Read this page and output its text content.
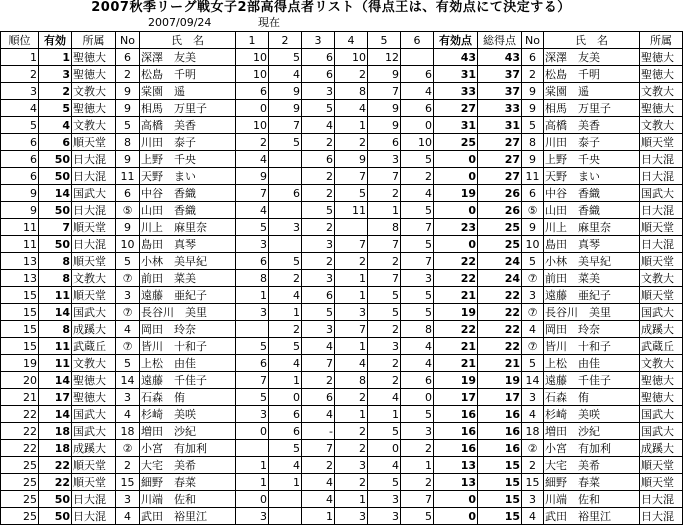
2007秋季リーグ戦女子2部高得点者リスト（得点王は、有効点にて決定する）
2007/09/24	現在
順位	有効	所属	No	氏　名	1	2	3	4	5	6	有効点	総得点	No	氏　名	所属
1	1	聖徳大	6	深澤　友美	10	5	6	10	12		43	43	6	深澤　友美	聖徳大
2	3	聖徳大	2	松島　千明	10	4	6	2	9	6	31	37	2	松島　千明	聖徳大
3	2	文教大	9	棠園　遥	6	9	3	8	7	4	33	37	9	棠園　遥	文教大
4	5	聖徳大	9	相馬　万里子	0	9	5	4	9	6	27	33	9	相馬　万里子	聖徳大
5	4	文教大	5	高橋　美香	10	7	4	1	9	0	31	31	5	高橋　美香	文教大
6	6	順天堂	8	川田　泰子	2	5	2	2	6	10	25	27	8	川田　泰子	順天堂
6	50	日大混	9	上野　千央	4		6	9	3	5	0	27	9	上野　千央	日大混
6	50	日大混	11	天野　まい	9		2	7	7	2	0	27	11	天野　まい	日大混
9	14	国武大	6	中谷　香織	7	6	2	5	2	4	19	26	6	中谷　香織	国武大
9	50	日大混	⑤	山田　香織	4		5	11	1	5	0	26	⑤	山田　香織	日大混
11	7	順天堂	9	川上　麻里奈	5	3	2		8	7	23	25	9	川上　麻里奈	順天堂
11	50	日大混	10	島田　真琴	3		3	7	7	5	0	25	10	島田　真琴	日大混
13	8	順天堂	5	小林　美早紀	6	5	2	2	2	7	22	24	5	小林　美早紀	順天堂
13	8	文教大	⑦	前田　菜美	8	2	3	1	7	3	22	24	⑦	前田　菜美	文教大
15	11	順天堂	3	遠藤　亜紀子	1	4	6	1	5	5	21	22	3	遠藤　亜紀子	順天堂
15	14	国武大	⑦	長谷川　美里	3	1	5	3	5	5	19	22	⑦	長谷川　美里	国武大
15	8	成蹊大	4	岡田　玲奈		2	3	7	2	8	22	22	4	岡田　玲奈	成蹊大
15	11	武蔵丘	⑦	皆川　十和子	5	5	4	1	3	4	21	22	⑦	皆川　十和子	武蔵丘
19	11	文教大	5	上松　由佳	6	4	7	4	2	4	21	21	5	上松　由佳	文教大
20	14	聖徳大	14	遠藤　千佳子	7	1	2	8	2	6	19	19	14	遠藤　千佳子	聖徳大
21	17	聖徳大	3	石森　侑	5	0	6	2	4	0	17	17	3	石森　侑	聖徳大
22	14	国武大	4	杉崎　美咲	3	6	4	1	1	5	16	16	4	杉崎　美咲	国武大
22	18	国武大	18	増田　沙紀	0	6	-	2	5	3	16	16	18	増田　沙紀	国武大
22	18	成蹊大	②	小宮　有加利		5	7	2	0	2	16	16	②	小宮　有加利	成蹊大
25	22	順天堂	2	大宅　美希	1	4	2	3	4	1	13	15	2	大宅　美希	順天堂
25	22	順天堂	15	細野　春菜	1	1	4	2	5	2	13	15	15	細野　春菜	順天堂
25	50	日大混	3	川端　佐和	0		4	1	3	7	0	15	3	川端　佐和	日大混
25	50	日大混	4	武田　裕里江	3		1	3	3	5	0	15	4	武田　裕里江	日大混
